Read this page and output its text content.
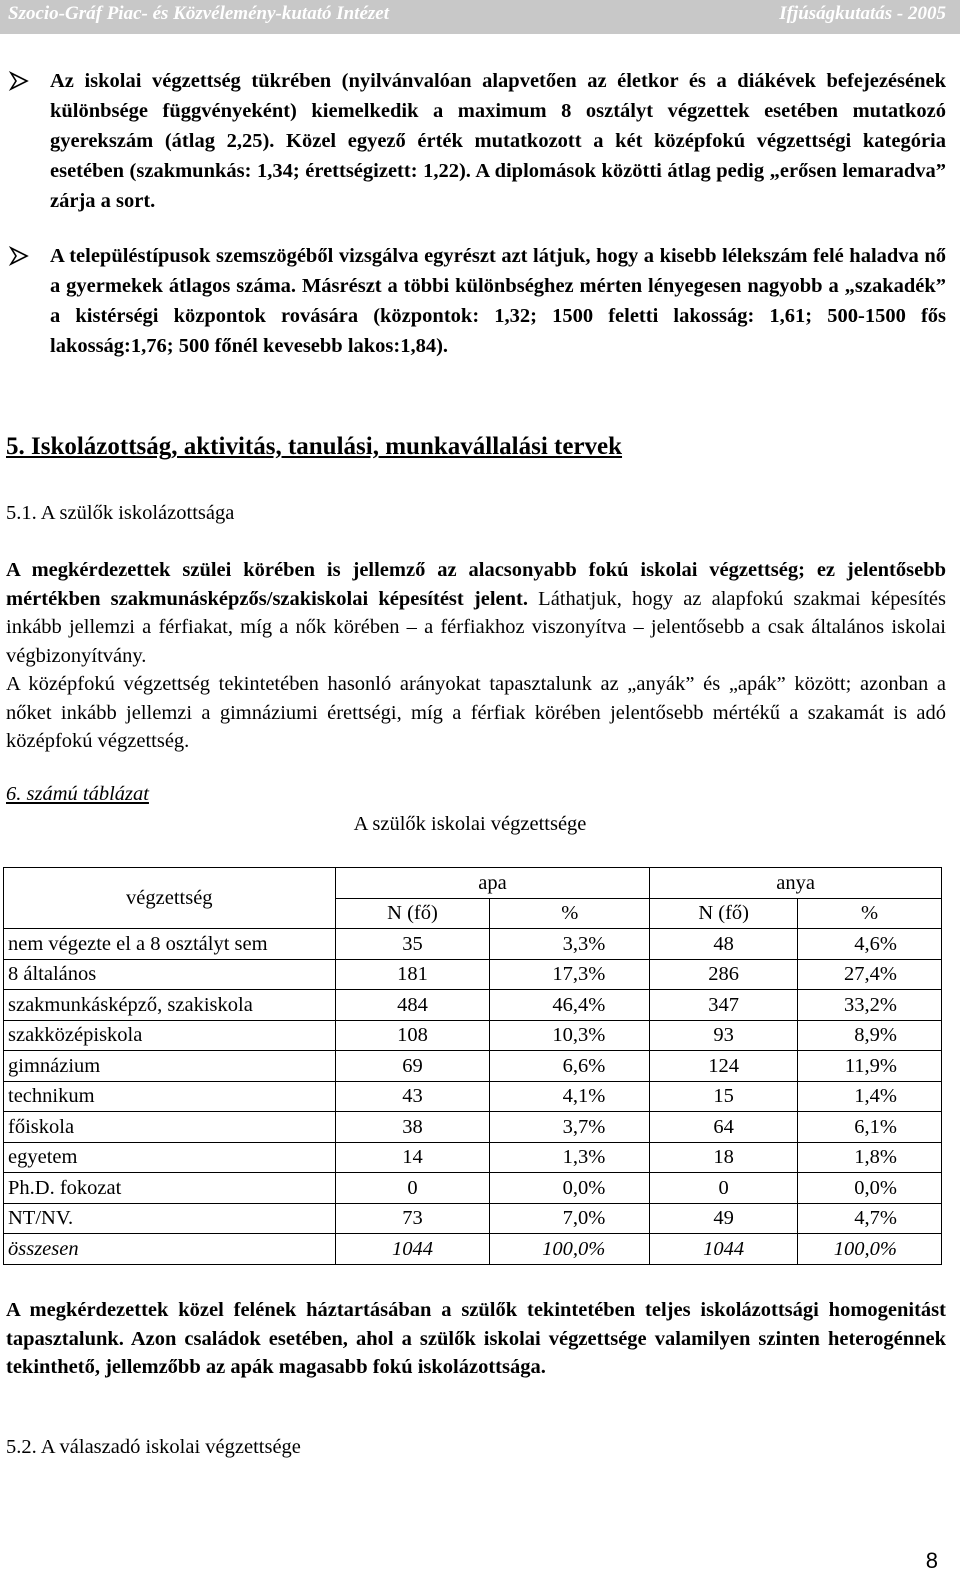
Szocio-Gráf Piac- és Közvélemény-kutató Intézet	Ifjúságkutatás - 2005
Az iskolai végzettség tükrében (nyilvánvalóan alapvetően az életkor és a diákévek befejezésének különbsége függvényeként) kiemelkedik a maximum 8 osztályt végzettek esetében mutatkozó gyerekszám (átlag 2,25). Közel egyező érték mutatkozott a két középfokú végzettségi kategória esetében (szakmunkás: 1,34; érettségizett: 1,22). A diplomások közötti átlag pedig „erősen lemaradva” zárja a sort.
A településtípusok szemszögéből vizsgálva egyrészt azt látjuk, hogy a kisebb lélekszám felé haladva nő a gyermekek átlagos száma. Másrészt a többi különbséghez mérten lényegesen nagyobb a „szakadék” a kistérségi központok rovására (központok: 1,32; 1500 feletti lakosság: 1,61; 500-1500 fős lakosság:1,76; 500 főnél kevesebb lakos:1,84).
5. Iskolázottság, aktivitás, tanulási, munkavállalási tervek
5.1. A szülők iskolázottsága
A megkérdezettek szülei körében is jellemző az alacsonyabb fokú iskolai végzettség; ez jelentősebb mértékben szakmunásképzős/szakiskolai képesítést jelent. Láthatjuk, hogy az alapfokú szakmai képesítés inkább jellemzi a férfiakat, míg a nők körében – a férfiakhoz viszonyítva – jelentősebb a csak általános iskolai végbizonyítvány.
A középfokú végzettség tekintetében hasonló arányokat tapasztalunk az „anyák” és „apák” között; azonban a nőket inkább jellemzi a gimnáziumi érettségi, míg a férfiak körében jelentősebb mértékű a szakamát is adó középfokú végzettség.
6. számú táblázat
A szülők iskolai végzettsége
végzettség	apa		anya	
	N (fő)	%	N (fő)	%
nem végezte el a 8 osztályt sem	35	3,3%	48	4,6%
8 általános	181	17,3%	286	27,4%
szakmunkásképző, szakiskola	484	46,4%	347	33,2%
szakközépiskola	108	10,3%	93	8,9%
gimnázium	69	6,6%	124	11,9%
technikum	43	4,1%	15	1,4%
főiskola	38	3,7%	64	6,1%
egyetem	14	1,3%	18	1,8%
Ph.D. fokozat	0	0,0%	0	0,0%
NT/NV.	73	7,0%	49	4,7%
összesen	1044	100,0%	1044	100,0%
A megkérdezettek közel felének háztartásában a szülők tekintetében teljes iskolázottsági homogenitást tapasztalunk. Azon családok esetében, ahol a szülők iskolai végzettsége valamilyen szinten heterogénnek tekinthető, jellemzőbb az apák magasabb fokú iskolázottsága.
5.2. A válaszadó iskolai végzettsége
8
